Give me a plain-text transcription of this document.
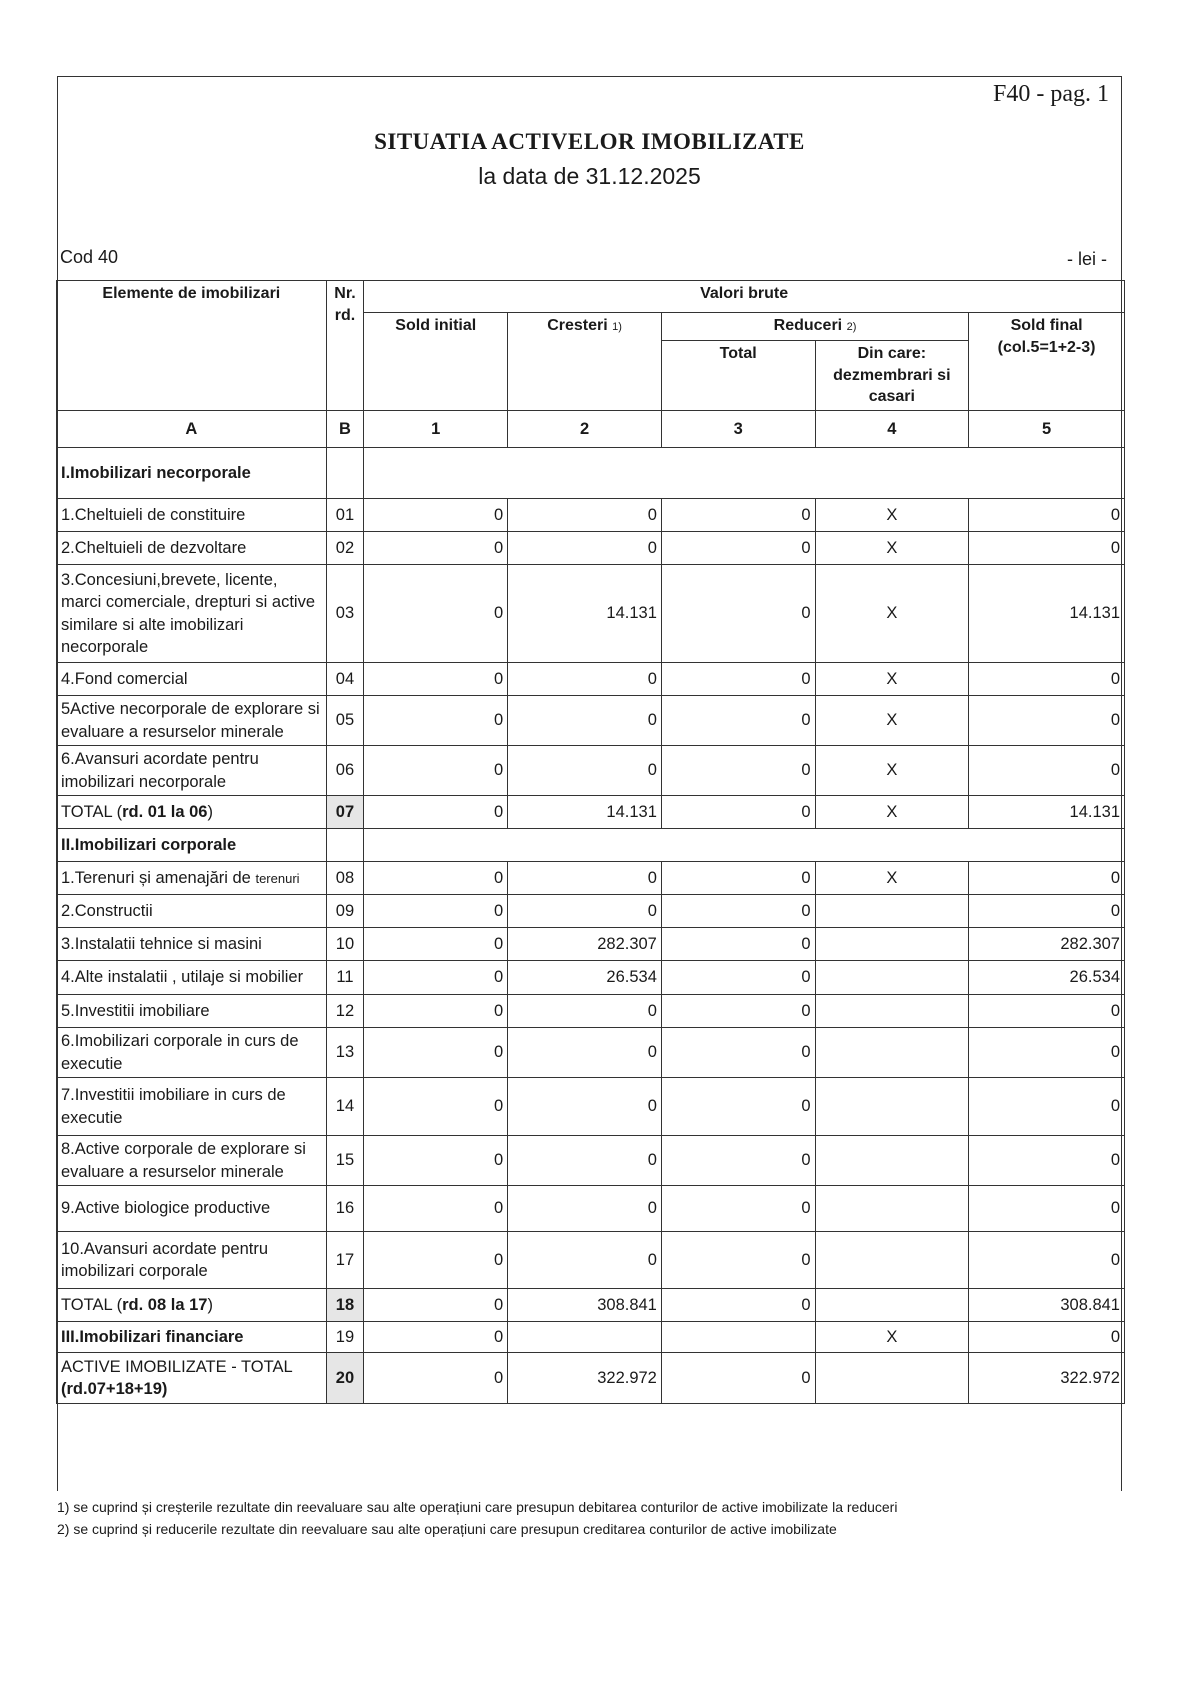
F40 - pag. 1
SITUATIA ACTIVELOR IMOBILIZATE
la data de 31.12.2025
Cod 40	- lei -
Elemente de imobilizari	Nr. rd.	Valori brute				
		Sold initial	Cresteri 1)	Reduceri 2)		Sold final (col.5=1+2-3)
				Total	Din care: dezmembrari si casari	
A	B	1	2	3	4	5
I.Imobilizari necorporale						
1.Cheltuieli de constituire	01	0	0	0	X	0
2.Cheltuieli de dezvoltare	02	0	0	0	X	0
3.Concesiuni,brevete, licente, marci comerciale, drepturi si active similare si alte imobilizari necorporale	03	0	14.131	0	X	14.131
4.Fond comercial	04	0	0	0	X	0
5Active necorporale de explorare si evaluare a resurselor minerale	05	0	0	0	X	0
6.Avansuri acordate pentru imobilizari necorporale	06	0	0	0	X	0
TOTAL (rd. 01 la 06)	07	0	14.131	0	X	14.131
II.Imobilizari corporale						
1.Terenuri și amenajări de terenuri	08	0	0	0	X	0
2.Constructii	09	0	0	0		0
3.Instalatii tehnice si masini	10	0	282.307	0		282.307
4.Alte instalatii , utilaje si mobilier	11	0	26.534	0		26.534
5.Investitii imobiliare	12	0	0	0		0
6.Imobilizari corporale in curs de executie	13	0	0	0		0
7.Investitii imobiliare in curs de executie	14	0	0	0		0
8.Active corporale de explorare si evaluare a resurselor minerale	15	0	0	0		0
9.Active biologice productive	16	0	0	0		0
10.Avansuri acordate pentru imobilizari corporale	17	0	0	0		0
TOTAL (rd. 08 la 17)	18	0	308.841	0		308.841
III.Imobilizari financiare	19	0			X	0
ACTIVE IMOBILIZATE - TOTAL
(rd.07+18+19)	20	0	322.972	0		322.972
1) se cuprind și creșterile rezultate din reevaluare sau alte operațiuni care presupun debitarea conturilor de active imobilizate la reduceri
2) se cuprind și reducerile rezultate din reevaluare sau alte operațiuni care presupun creditarea conturilor de active imobilizate
